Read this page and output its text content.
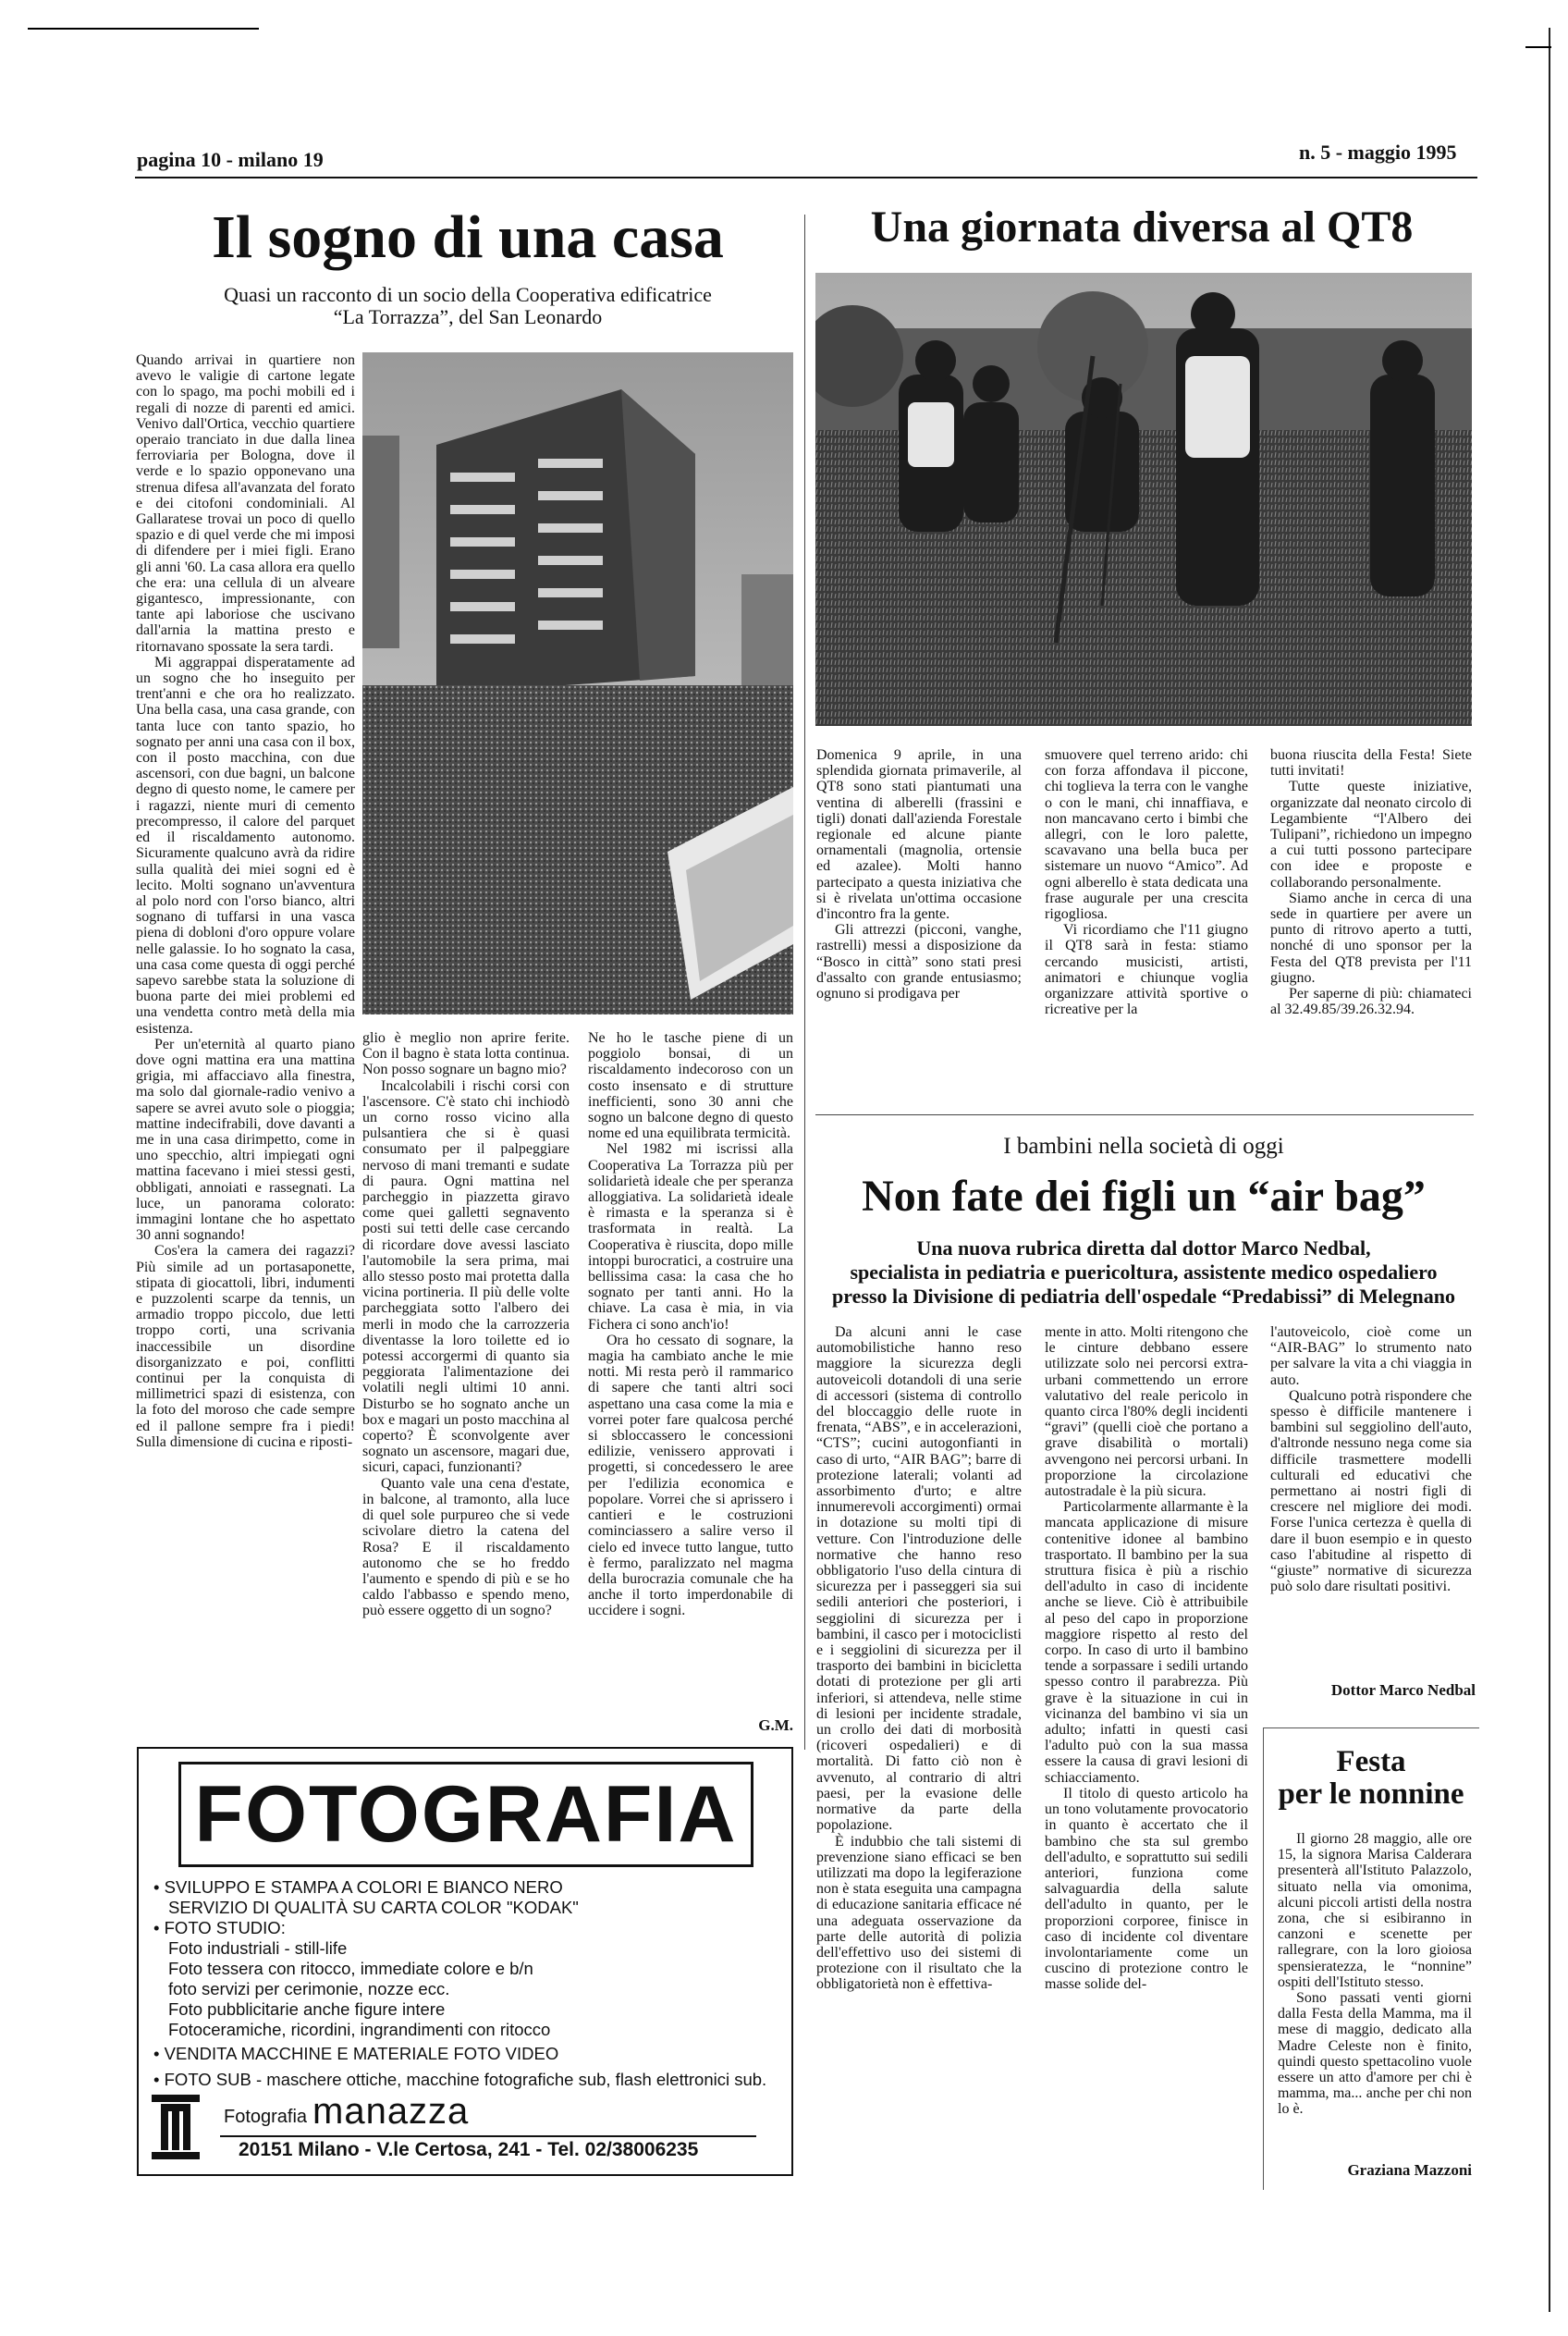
pagina 10 - milano 19	n. 5 - maggio 1995
Il sogno di una casa
Quasi un racconto di un socio della Cooperativa edificatrice
“La Torrazza”, del San Leonardo

Quando arrivai in quartiere non avevo le valigie di cartone legate con lo spago, ma pochi mobili ed i regali di nozze di parenti ed amici. Venivo dall'Ortica, vecchio quartiere operaio tranciato in due dalla linea ferroviaria per Bologna, dove il verde e lo spazio opponevano una strenua difesa all'avanzata del forato e dei citofoni condominiali. Al Gallaratese trovai un poco di quello spazio e di quel verde che mi imposi di difendere per i miei figli. Erano gli anni '60. La casa allora era quello che era: una cellula di un alveare gigantesco, impressionante, con tante api laboriose che uscivano dall'arnia la mattina presto e ritornavano spossate la sera tardi.

Mi aggrappai disperatamente ad un sogno che ho inseguito per trent'anni e che ora ho realizzato. Una bella casa, una casa grande, con tanta luce con tanto spazio, ho sognato per anni una casa con il box, con il posto macchina, con due ascensori, con due bagni, un balcone degno di questo nome, le camere per i ragazzi, niente muri di cemento precompresso, il calore del parquet ed il riscaldamento autonomo. Sicuramente qualcuno avrà da ridire sulla qualità dei miei sogni ed è lecito. Molti sognano un'avventura al polo nord con l'orso bianco, altri sognano di tuffarsi in una vasca piena di dobloni d'oro oppure volare nelle galassie. Io ho sognato la casa, una casa come questa di oggi perché sapevo sarebbe stata la soluzione di buona parte dei miei problemi ed una vendetta contro metà della mia esistenza.

Per un'eternità al quarto piano dove ogni mattina era una mattina grigia, mi affacciavo alla finestra, ma solo dal giornale-radio venivo a sapere se avrei avuto sole o pioggia; mattine indecifrabili, dove davanti a me in una casa dirimpetto, come in uno specchio, altri impiegati ogni mattina facevano i miei stessi gesti, obbligati, annoiati e rassegnati. La luce, un panorama colorato: immagini lontane che ho aspettato 30 anni sognando!

Cos'era la camera dei ragazzi? Più simile ad un portasaponette, stipata di giocattoli, libri, indumenti e puzzolenti scarpe da tennis, un armadio troppo piccolo, due letti troppo corti, una scrivania inaccessibile un disordine disorganizzato e poi, conflitti continui per la conquista di millimetrici spazi di esistenza, con la foto del moroso che cade sempre ed il pallone sempre fra i piedi! Sulla dimensione di cucina e riposti-

glio è meglio non aprire ferite. Con il bagno è stata lotta continua. Non posso sognare un bagno mio?

Incalcolabili i rischi corsi con l'ascensore. C'è stato chi inchiodò un corno rosso vicino alla pulsantiera che si è quasi consumato per il palpeggiare nervoso di mani tremanti e sudate di paura. Ogni mattina nel parcheggio in piazzetta giravo come quei galletti segnavento posti sui tetti delle case cercando di ricordare dove avessi lasciato l'automobile la sera prima, mai allo stesso posto mai protetta dalla vicina portineria. Il più delle volte parcheggiata sotto l'albero dei merli in modo che la carrozzeria diventasse la loro toilette ed io potessi accorgermi di quanto sia peggiorata l'alimentazione dei volatili negli ultimi 10 anni. Disturbo se ho sognato anche un box e magari un posto macchina al coperto? È sconvolgente aver sognato un ascensore, magari due, sicuri, capaci, funzionanti?

Quanto vale una cena d'estate, in balcone, al tramonto, alla luce di quel sole purpureo che si vede scivolare dietro la catena del Rosa? E il riscaldamento autonomo che se ho freddo l'aumento e spendo di più e se ho caldo l'abbasso e spendo meno, può essere oggetto di un sogno?

Ne ho le tasche piene di un poggiolo bonsai, di un riscaldamento indecoroso con un costo insensato e di strutture inefficienti, sono 30 anni che sogno un balcone degno di questo nome ed una equilibrata termicità.

Nel 1982 mi iscrissi alla Cooperativa La Torrazza più per solidarietà ideale che per speranza alloggiativa. La solidarietà ideale è rimasta e la speranza si è trasformata in realtà. La Cooperativa è riuscita, dopo mille intoppi burocratici, a costruire una bellissima casa: la casa che ho sognato per tanti anni. Ho la chiave. La casa è mia, in via Fichera ci sono anch'io!

Ora ho cessato di sognare, la magia ha cambiato anche le mie notti. Mi resta però il rammarico di sapere che tanti altri soci aspettano una casa come la mia e vorrei poter fare qualcosa perché si sbloccassero le concessioni edilizie, venissero approvati i progetti, si concedessero le aree per l'edilizia economica e popolare. Vorrei che si aprissero i cantieri e le costruzioni cominciassero a salire verso il cielo ed invece tutto langue, tutto è fermo, paralizzato nel magma della burocrazia comunale che ha anche il torto imperdonabile di uccidere i sogni.

G.M.
Una giornata diversa al QT8

Domenica 9 aprile, in una splendida giornata primaverile, al QT8 sono stati piantumati una ventina di alberelli (frassini e tigli) donati dall'azienda Forestale regionale ed alcune piante ornamentali (magnolia, ortensie ed azalee). Molti hanno partecipato a questa iniziativa che si è rivelata un'ottima occasione d'incontro fra la gente.

Gli attrezzi (picconi, vanghe, rastrelli) messi a disposizione da “Bosco in città” sono stati presi d'assalto con grande entusiasmo; ognuno si prodigava per

smuovere quel terreno arido: chi con forza affondava il piccone, chi toglieva la terra con le vanghe o con le mani, chi innaffiava, e non mancavano certo i bimbi che allegri, con le loro palette, scavavano una bella buca per sistemare un nuovo “Amico”. Ad ogni alberello è stata dedicata una frase augurale per una crescita rigogliosa.

Vi ricordiamo che l'11 giugno il QT8 sarà in festa: stiamo cercando musicisti, artisti, animatori e chiunque voglia organizzare attività sportive o ricreative per la

buona riuscita della Festa! Siete tutti invitati!

Tutte queste iniziative, organizzate dal neonato circolo di Legambiente “l'Albero dei Tulipani”, richiedono un impegno a cui tutti possono partecipare con idee e proposte e collaborando personalmente.

Siamo anche in cerca di una sede in quartiere per avere un punto di ritrovo aperto a tutti, nonché di uno sponsor per la Festa del QT8 prevista per l'11 giugno.

Per saperne di più: chiamateci al 32.49.85/39.26.32.94.

I bambini nella società di oggi
Non fate dei figli un “air bag”
Una nuova rubrica diretta dal dottor Marco Nedbal,
specialista in pediatria e puericoltura, assistente medico ospedaliero
presso la Divisione di pediatria dell'ospedale “Predabissi” di Melegnano

Da alcuni anni le case automobilistiche hanno reso maggiore la sicurezza degli autoveicoli dotandoli di una serie di accessori (sistema di controllo del bloccaggio delle ruote in frenata, “ABS”, e in accelerazioni, “CTS”; cucini autogonfianti in caso di urto, “AIR BAG”; barre di protezione laterali; volanti ad assorbimento d'urto; e altre innumerevoli accorgimenti) ormai in dotazione su molti tipi di vetture. Con l'introduzione delle normative che hanno reso obbligatorio l'uso della cintura di sicurezza per i passeggeri sia sui sedili anteriori che posteriori, i seggiolini di sicurezza per i bambini, il casco per i motociclisti e i seggiolini di sicurezza per il trasporto dei bambini in bicicletta dotati di protezione per gli arti inferiori, si attendeva, nelle stime di lesioni per incidente stradale, un crollo dei dati di morbosità (ricoveri ospedalieri) e di mortalità. Di fatto ciò non è avvenuto, al contrario di altri paesi, per la evasione delle normative da parte della popolazione.

È indubbio che tali sistemi di prevenzione siano efficaci se ben utilizzati ma dopo la legiferazione non è stata eseguita una campagna di educazione sanitaria efficace né una adeguata osservazione da parte delle autorità di polizia dell'effettivo uso dei sistemi di protezione con il risultato che la obbligatorietà non è effettiva-

mente in atto. Molti ritengono che le cinture debbano essere utilizzate solo nei percorsi extra-urbani commettendo un errore valutativo del reale pericolo in quanto circa l'80% degli incidenti “gravi” (quelli cioè che portano a grave disabilità o mortali) avvengono nei percorsi urbani. In proporzione la circolazione autostradale è la più sicura.

Particolarmente allarmante è la mancata applicazione di misure contenitive idonee al bambino trasportato. Il bambino per la sua struttura fisica è più a rischio dell'adulto in caso di incidente anche se lieve. Ciò è attribuibile al peso del capo in proporzione maggiore rispetto al resto del corpo. In caso di urto il bambino tende a sorpassare i sedili urtando spesso contro il parabrezza. Più grave è la situazione in cui in vicinanza del bambino vi sia un adulto; infatti in questi casi l'adulto può con la sua massa essere la causa di gravi lesioni di schiacciamento.

Il titolo di questo articolo ha un tono volutamente provocatorio in quanto è accertato che il bambino che sta sul grembo dell'adulto, e soprattutto sui sedili anteriori, funziona come salvaguardia della salute dell'adulto in quanto, per le proporzioni corporee, finisce in caso di incidente col diventare involontariamente come un cuscino di protezione contro le masse solide del-

l'autoveicolo, cioè come un “AIR-BAG” lo strumento nato per salvare la vita a chi viaggia in auto.

Qualcuno potrà rispondere che spesso è difficile mantenere i bambini sul seggiolino dell'auto, d'altronde nessuno nega come sia difficile trasmettere modelli culturali ed educativi che permettano ai nostri figli di crescere nel migliore dei modi. Forse l'unica certezza è quella di dare il buon esempio e in questo caso l'abitudine al rispetto di “giuste” normative di sicurezza può solo dare risultati positivi.

Dottor Marco Nedbal
Festa
per le nonnine

Il giorno 28 maggio, alle ore 15, la signora Marisa Calderara presenterà all'Istituto Palazzolo, situato nella via omonima, alcuni piccoli artisti della nostra zona, che si esibiranno in canzoni e scenette per rallegrare, con la loro gioiosa spensieratezza, le “nonnine” ospiti dell'Istituto stesso.

Sono passati venti giorni dalla Festa della Mamma, ma il mese di maggio, dedicato alla Madre Celeste non è finito, quindi questo spettacolino vuole essere un atto d'amore per chi è mamma, ma... anche per chi non lo è.

Graziana Mazzoni
FOTOGRAFIA
• SVILUPPO E STAMPA A COLORI E BIANCO NERO
SERVIZIO DI QUALITÀ SU CARTA COLOR "KODAK"
• FOTO STUDIO:
Foto industriali - still-life
Foto tessera con ritocco, immediate colore e b/n
foto servizi per cerimonie, nozze ecc.
Foto pubblicitarie anche figure intere
Fotoceramiche, ricordini, ingrandimenti con ritocco
• VENDITA MACCHINE E MATERIALE FOTO VIDEO
• FOTO SUB - maschere ottiche, macchine fotografiche sub, flash elettronici sub.
Fotografia manazza
20151 Milano - V.le Certosa, 241 - Tel. 02/38006235
